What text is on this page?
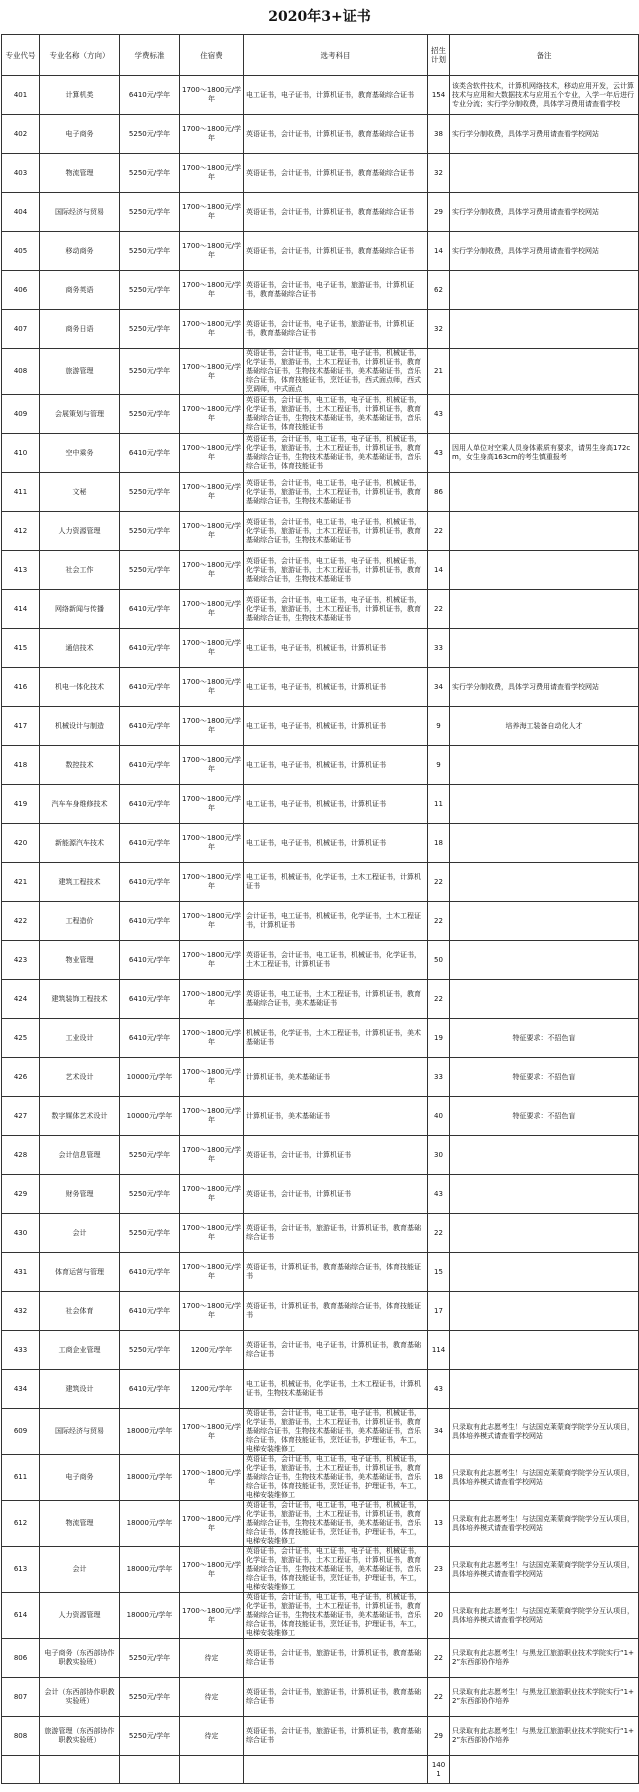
2020年3+证书
专业代号	专业名称（方向）	学费标准	住宿费	选考科目	招生计划	备注
401	计算机类	6410元/学年	1700～1800元/学年	电工证书，电子证书，计算机证书，教育基础综合证书	154	该类含软件技术，计算机网络技术，移动应用开发，云计算技术与应用和大数据技术与应用五个专业，入学一年后进行专业分流；实行学分制收费，具体学习费用请查看学校
402	电子商务	5250元/学年	1700～1800元/学年	英语证书，会计证书，计算机证书，教育基础综合证书	38	实行学分制收费，具体学习费用请查看学校网站
403	物流管理	5250元/学年	1700～1800元/学年	英语证书，会计证书，计算机证书，教育基础综合证书	32	
404	国际经济与贸易	5250元/学年	1700～1800元/学年	英语证书，会计证书，计算机证书，教育基础综合证书	29	实行学分制收费，具体学习费用请查看学校网站
405	移动商务	5250元/学年	1700～1800元/学年	英语证书，会计证书，计算机证书，教育基础综合证书	14	实行学分制收费，具体学习费用请查看学校网站
406	商务英语	5250元/学年	1700～1800元/学年	英语证书，会计证书，电子证书，旅游证书，计算机证书，教育基础综合证书	62	
407	商务日语	5250元/学年	1700～1800元/学年	英语证书，会计证书，电子证书，旅游证书，计算机证书，教育基础综合证书	32	
408	旅游管理	5250元/学年	1700～1800元/学年	英语证书，会计证书，电工证书，电子证书，机械证书，化学证书，旅游证书，土木工程证书，计算机证书，教育基础综合证书，生物技术基础证书，美术基础证书，音乐综合证书，体育技能证书，烹饪证书，西式面点师，西式烹调师，中式面点	21	
409	会展策划与管理	5250元/学年	1700～1800元/学年	英语证书，会计证书，电工证书，电子证书，机械证书，化学证书，旅游证书，土木工程证书，计算机证书，教育基础综合证书，生物技术基础证书，美术基础证书，音乐综合证书，体育技能证书	43	
410	空中乘务	6410元/学年	1700～1800元/学年	英语证书，会计证书，电工证书，电子证书，机械证书，化学证书，旅游证书，土木工程证书，计算机证书，教育基础综合证书，生物技术基础证书，美术基础证书，音乐综合证书，体育技能证书	43	因用人单位对空乘人员身体素质有要求，请男生身高172cm，女生身高163cm的考生慎重报考
411	文秘	5250元/学年	1700～1800元/学年	英语证书，会计证书，电工证书，电子证书，机械证书，化学证书，旅游证书，土木工程证书，计算机证书，教育基础综合证书，生物技术基础证书	86	
412	人力资源管理	5250元/学年	1700～1800元/学年	英语证书，会计证书，电工证书，电子证书，机械证书，化学证书，旅游证书，土木工程证书，计算机证书，教育基础综合证书，生物技术基础证书	22	
413	社会工作	5250元/学年	1700～1800元/学年	英语证书，会计证书，电工证书，电子证书，机械证书，化学证书，旅游证书，土木工程证书，计算机证书，教育基础综合证书，生物技术基础证书	14	
414	网络新闻与传播	6410元/学年	1700～1800元/学年	英语证书，会计证书，电工证书，电子证书，机械证书，化学证书，旅游证书，土木工程证书，计算机证书，教育基础综合证书，生物技术基础证书	22	
415	通信技术	6410元/学年	1700～1800元/学年	电工证书，电子证书，机械证书，计算机证书	33	
416	机电一体化技术	6410元/学年	1700～1800元/学年	电工证书，电子证书，机械证书，计算机证书	34	实行学分制收费，具体学习费用请查看学校网站
417	机械设计与制造	6410元/学年	1700～1800元/学年	电工证书，电子证书，机械证书，计算机证书	9	培养海工装备自动化人才
418	数控技术	6410元/学年	1700～1800元/学年	电工证书，电子证书，机械证书，计算机证书	9	
419	汽车车身维修技术	6410元/学年	1700～1800元/学年	电工证书，电子证书，机械证书，计算机证书	11	
420	新能源汽车技术	6410元/学年	1700～1800元/学年	电工证书，电子证书，机械证书，计算机证书	18	
421	建筑工程技术	6410元/学年	1700～1800元/学年	电工证书，机械证书，化学证书，土木工程证书，计算机证书	22	
422	工程造价	6410元/学年	1700～1800元/学年	会计证书，电工证书，机械证书，化学证书，土木工程证书，计算机证书	22	
423	物业管理	6410元/学年	1700～1800元/学年	英语证书，会计证书，电工证书，机械证书，化学证书，土木工程证书，计算机证书	50	
424	建筑装饰工程技术	6410元/学年	1700～1800元/学年	英语证书，电工证书，土木工程证书，计算机证书，教育基础综合证书，美术基础证书	22	
425	工业设计	6410元/学年	1700～1800元/学年	机械证书，化学证书，土木工程证书，计算机证书，美术基础证书	19	特征要求：不招色盲
426	艺术设计	10000元/学年	1700～1800元/学年	计算机证书，美术基础证书	33	特征要求：不招色盲
427	数字媒体艺术设计	10000元/学年	1700～1800元/学年	计算机证书，美术基础证书	40	特征要求：不招色盲
428	会计信息管理	5250元/学年	1700～1800元/学年	英语证书，会计证书，计算机证书	30	
429	财务管理	5250元/学年	1700～1800元/学年	英语证书，会计证书，计算机证书	43	
430	会计	5250元/学年	1700～1800元/学年	英语证书，会计证书，旅游证书，计算机证书，教育基础综合证书	22	
431	体育运营与管理	6410元/学年	1700～1800元/学年	英语证书，计算机证书，教育基础综合证书，体育技能证书	15	
432	社会体育	6410元/学年	1700～1800元/学年	英语证书，计算机证书，教育基础综合证书，体育技能证书	17	
433	工商企业管理	5250元/学年	1200元/学年	英语证书，会计证书，电子证书，计算机证书，教育基础综合证书	114	
434	建筑设计	6410元/学年	1200元/学年	电工证书，机械证书，化学证书，土木工程证书，计算机证书，生物技术基础证书	43	
609	国际经济与贸易	18000元/学年	1700～1800元/学年	英语证书，会计证书，电工证书，电子证书，机械证书，化学证书，旅游证书，土木工程证书，计算机证书，教育基础综合证书，生物技术基础证书，美术基础证书，音乐综合证书，体育技能证书，烹饪证书，护理证书，车工，电梯安装维修工	34	只录取有此志愿考生！与法国克莱蒙商学院学分互认项目，具体培养模式请查看学校网站
611	电子商务	18000元/学年	1700～1800元/学年	英语证书，会计证书，电工证书，电子证书，机械证书，化学证书，旅游证书，土木工程证书，计算机证书，教育基础综合证书，生物技术基础证书，美术基础证书，音乐综合证书，体育技能证书，烹饪证书，护理证书，车工，电梯安装维修工	18	只录取有此志愿考生！与法国克莱蒙商学院学分互认项目，具体培养模式请查看学校网站
612	物流管理	18000元/学年	1700～1800元/学年	英语证书，会计证书，电工证书，电子证书，机械证书，化学证书，旅游证书，土木工程证书，计算机证书，教育基础综合证书，生物技术基础证书，美术基础证书，音乐综合证书，体育技能证书，烹饪证书，护理证书，车工，电梯安装维修工	13	只录取有此志愿考生！与法国克莱蒙商学院学分互认项目，具体培养模式请查看学校网站
613	会计	18000元/学年	1700～1800元/学年	英语证书，会计证书，电工证书，电子证书，机械证书，化学证书，旅游证书，土木工程证书，计算机证书，教育基础综合证书，生物技术基础证书，美术基础证书，音乐综合证书，体育技能证书，烹饪证书，护理证书，车工，电梯安装维修工	23	只录取有此志愿考生！与法国克莱蒙商学院学分互认项目，具体培养模式请查看学校网站
614	人力资源管理	18000元/学年	1700～1800元/学年	英语证书，会计证书，电工证书，电子证书，机械证书，化学证书，旅游证书，土木工程证书，计算机证书，教育基础综合证书，生物技术基础证书，美术基础证书，音乐综合证书，体育技能证书，烹饪证书，护理证书，车工，电梯安装维修工	20	只录取有此志愿考生！与法国克莱蒙商学院学分互认项目，具体培养模式请查看学校网站
806	电子商务（东西部协作职教实验班）	5250元/学年	待定	英语证书，会计证书，旅游证书，计算机证书，教育基础综合证书	22	只录取有此志愿考生！与黑龙江旅游职业技术学院实行“1+2”东西部协作培养
807	会计（东西部协作职教实验班）	5250元/学年	待定	英语证书，会计证书，旅游证书，计算机证书，教育基础综合证书	22	只录取有此志愿考生！与黑龙江旅游职业技术学院实行“1+2”东西部协作培养
808	旅游管理（东西部协作职教实验班）	5250元/学年	待定	英语证书，会计证书，旅游证书，计算机证书，教育基础综合证书	29	只录取有此志愿考生！与黑龙江旅游职业技术学院实行“1+2”东西部协作培养
					1401	
